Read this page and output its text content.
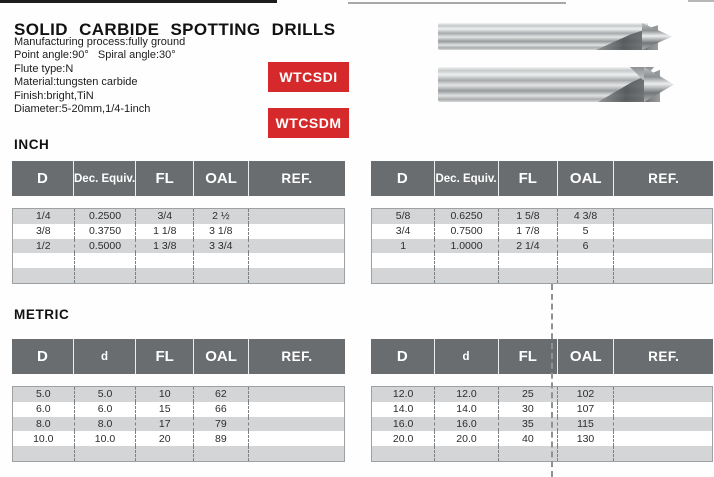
SOLID CARBIDE SPOTTING DRILLS
Manufacturing process:fully ground
Point angle:90°   Spiral angle:30°
Flute type:N
Material:tungsten carbide
Finish:bright,TiN
Diameter:5-20mm,1/4-1inch
WTCSDI
WTCSDM
INCH
D	Dec. Equiv.	FL	OAL	REF.
1/4	0.2500	3/4	2 ½
3/8	0.3750	1 1/8	3 1/8
1/2	0.5000	1 3/8	3 3/4
D	Dec. Equiv.	FL	OAL	REF.
5/8	0.6250	1 5/8	4 3/8
3/4	0.7500	1 7/8	5
1	1.0000	2 1/4	6
METRIC
D	d	FL	OAL	REF.
5.0	5.0	10	62
6.0	6.0	15	66
8.0	8.0	17	79
10.0	10.0	20	89
D	d	FL	OAL	REF.
12.0	12.0	25	102
14.0	14.0	30	107
16.0	16.0	35	115
20.0	20.0	40	130
